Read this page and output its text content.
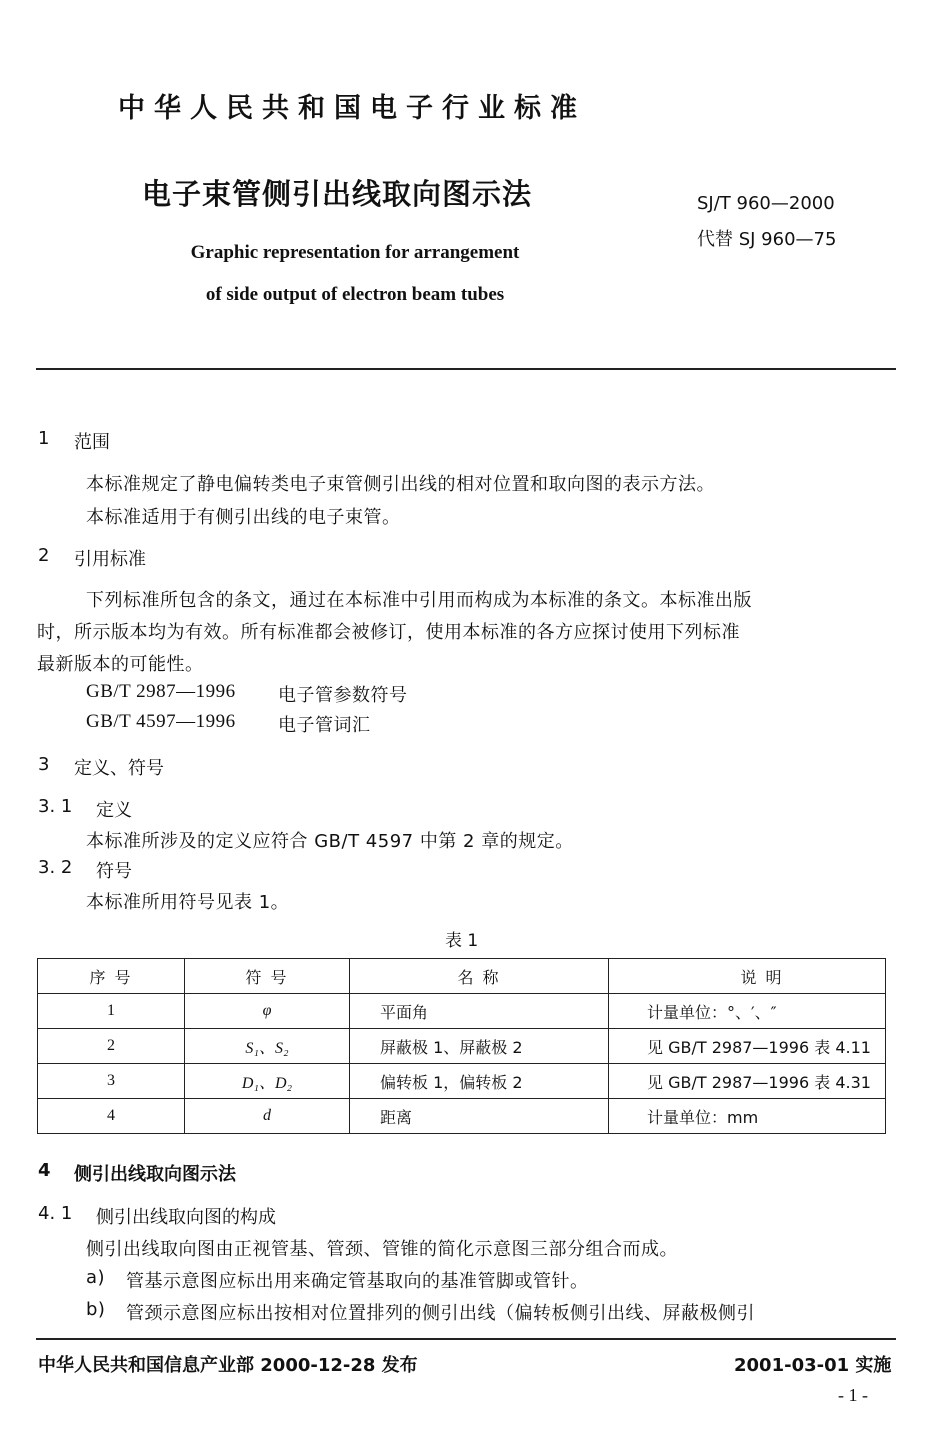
中华人民共和国电子行业标准
电子束管侧引出线取向图示法
Graphic representation for arrangement
of side output of electron beam tubes
SJ/T 960—2000
代替 SJ 960—75
1 范围
本标准规定了静电偏转类电子束管侧引出线的相对位置和取向图的表示方法。
本标准适用于有侧引出线的电子束管。
2 引用标准
下列标准所包含的条文，通过在本标准中引用而构成为本标准的条文。本标准出版
时，所示版本均为有效。所有标准都会被修订，使用本标准的各方应探讨使用下列标准
最新版本的可能性。
GB/T 2987—1996 电子管参数符号
GB/T 4597—1996 电子管词汇
3 定义、符号
3. 1 定义
本标准所涉及的定义应符合 GB/T 4597 中第 2 章的规定。
3. 2 符号
本标准所用符号见表 1。
表 1
序 号	符 号	名 称	说 明
1	φ	平面角	计量单位：°、′、″
2	S₁、S₂	屏蔽极 1、屏蔽极 2	见 GB/T 2987—1996 表 4.11
3	D₁、D₂	偏转板 1，偏转板 2	见 GB/T 2987—1996 表 4.31
4	d	距离	计量单位：mm
4 侧引出线取向图示法
4. 1 侧引出线取向图的构成
侧引出线取向图由正视管基、管颈、管锥的简化示意图三部分组合而成。
a) 管基示意图应标出用来确定管基取向的基准管脚或管针。
b) 管颈示意图应标出按相对位置排列的侧引出线（偏转板侧引出线、屏蔽极侧引
中华人民共和国信息产业部 2000-12-28 发布	2001-03-01 实施
- 1 -
